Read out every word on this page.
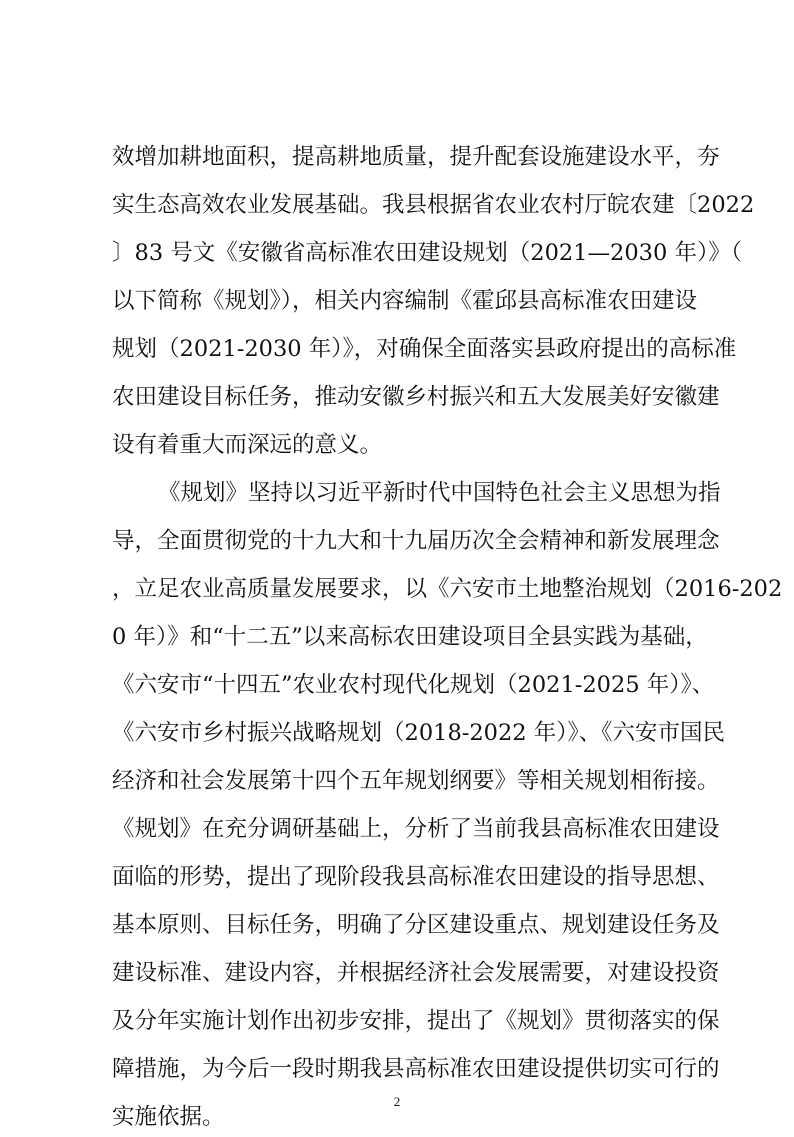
效增加耕地面积，提高耕地质量，提升配套设施建设水平，夯
实生态高效农业发展基础。我县根据省农业农村厅皖农建〔2022
〕83 号文《安徽省高标准农田建设规划（2021—2030 年）》（
以下简称《规划》），相关内容编制《霍邱县高标准农田建设
规划（2021-2030 年）》，对确保全面落实县政府提出的高标准
农田建设目标任务，推动安徽乡村振兴和五大发展美好安徽建
设有着重大而深远的意义。
《规划》坚持以习近平新时代中国特色社会主义思想为指
导，全面贯彻党的十九大和十九届历次全会精神和新发展理念
，立足农业高质量发展要求，以《六安市土地整治规划（2016-202
0 年）》和“十二五”以来高标农田建设项目全县实践为基础，
《六安市“十四五”农业农村现代化规划（2021-2025 年）》、
《六安市乡村振兴战略规划（2018-2022 年）》、《六安市国民
经济和社会发展第十四个五年规划纲要》等相关规划相衔接。
《规划》在充分调研基础上，分析了当前我县高标准农田建设
面临的形势，提出了现阶段我县高标准农田建设的指导思想、
基本原则、目标任务，明确了分区建设重点、规划建设任务及
建设标准、建设内容，并根据经济社会发展需要，对建设投资
及分年实施计划作出初步安排，提出了《规划》贯彻落实的保
障措施，为今后一段时期我县高标准农田建设提供切实可行的
实施依据。
2
